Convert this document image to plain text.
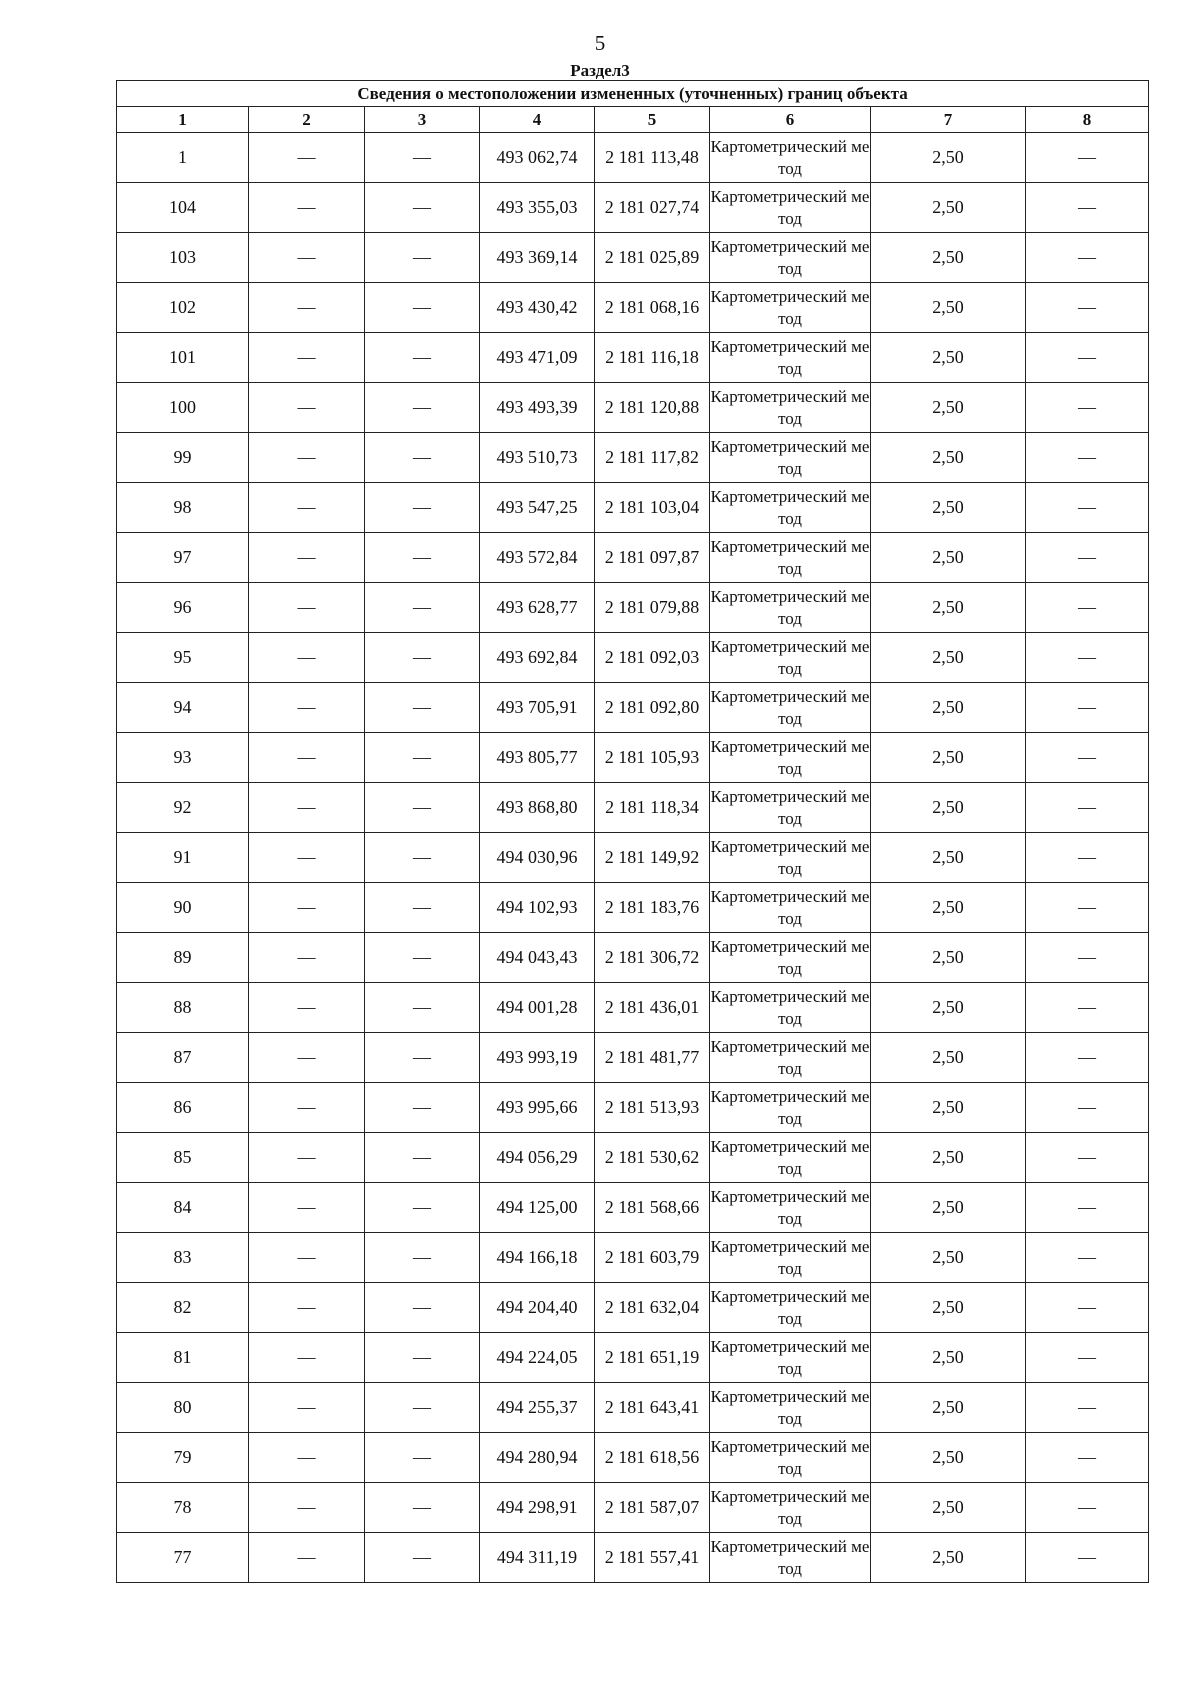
5
Раздел3
Сведения о местоположении измененных (уточненных) границ объекта							
1	2	3	4	5	6	7	8
1	—	—	493 062,74	2 181 113,48	Картометрический метод	2,50	—
104	—	—	493 355,03	2 181 027,74	Картометрический метод	2,50	—
103	—	—	493 369,14	2 181 025,89	Картометрический метод	2,50	—
102	—	—	493 430,42	2 181 068,16	Картометрический метод	2,50	—
101	—	—	493 471,09	2 181 116,18	Картометрический метод	2,50	—
100	—	—	493 493,39	2 181 120,88	Картометрический метод	2,50	—
99	—	—	493 510,73	2 181 117,82	Картометрический метод	2,50	—
98	—	—	493 547,25	2 181 103,04	Картометрический метод	2,50	—
97	—	—	493 572,84	2 181 097,87	Картометрический метод	2,50	—
96	—	—	493 628,77	2 181 079,88	Картометрический метод	2,50	—
95	—	—	493 692,84	2 181 092,03	Картометрический метод	2,50	—
94	—	—	493 705,91	2 181 092,80	Картометрический метод	2,50	—
93	—	—	493 805,77	2 181 105,93	Картометрический метод	2,50	—
92	—	—	493 868,80	2 181 118,34	Картометрический метод	2,50	—
91	—	—	494 030,96	2 181 149,92	Картометрический метод	2,50	—
90	—	—	494 102,93	2 181 183,76	Картометрический метод	2,50	—
89	—	—	494 043,43	2 181 306,72	Картометрический метод	2,50	—
88	—	—	494 001,28	2 181 436,01	Картометрический метод	2,50	—
87	—	—	493 993,19	2 181 481,77	Картометрический метод	2,50	—
86	—	—	493 995,66	2 181 513,93	Картометрический метод	2,50	—
85	—	—	494 056,29	2 181 530,62	Картометрический метод	2,50	—
84	—	—	494 125,00	2 181 568,66	Картометрический метод	2,50	—
83	—	—	494 166,18	2 181 603,79	Картометрический метод	2,50	—
82	—	—	494 204,40	2 181 632,04	Картометрический метод	2,50	—
81	—	—	494 224,05	2 181 651,19	Картометрический метод	2,50	—
80	—	—	494 255,37	2 181 643,41	Картометрический метод	2,50	—
79	—	—	494 280,94	2 181 618,56	Картометрический метод	2,50	—
78	—	—	494 298,91	2 181 587,07	Картометрический метод	2,50	—
77	—	—	494 311,19	2 181 557,41	Картометрический метод	2,50	—
